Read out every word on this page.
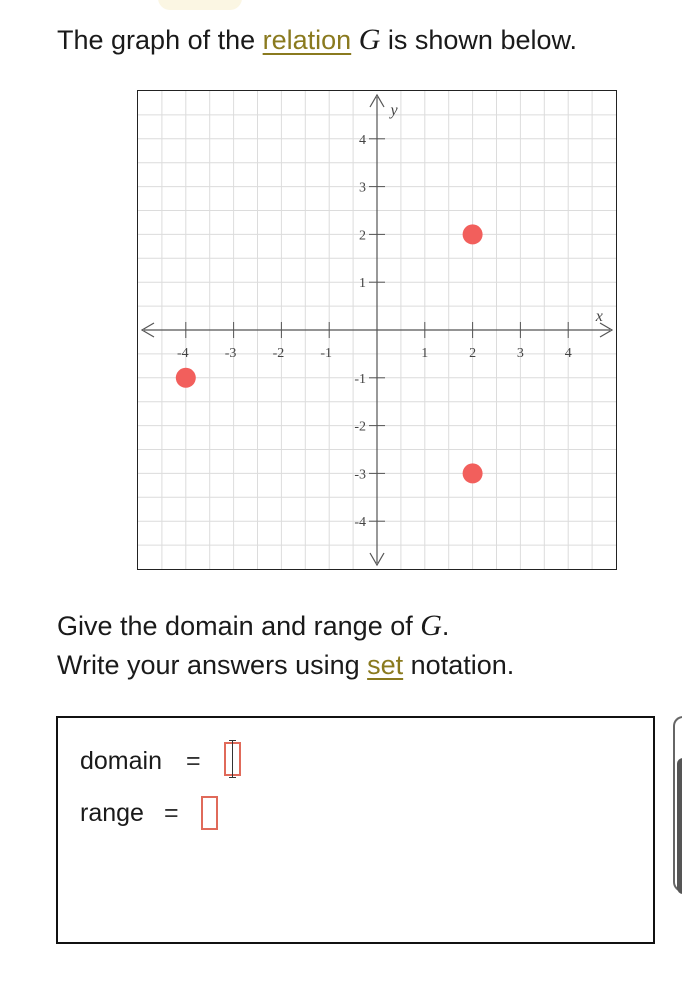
The graph of the relation G is shown below.
-4	-3	-2	-1	1	2	3	4
-4
-3
-2
-1
1
2
3
4
x
y
Give the domain and range of G.
Write your answers using set notation.
domain =
range =
